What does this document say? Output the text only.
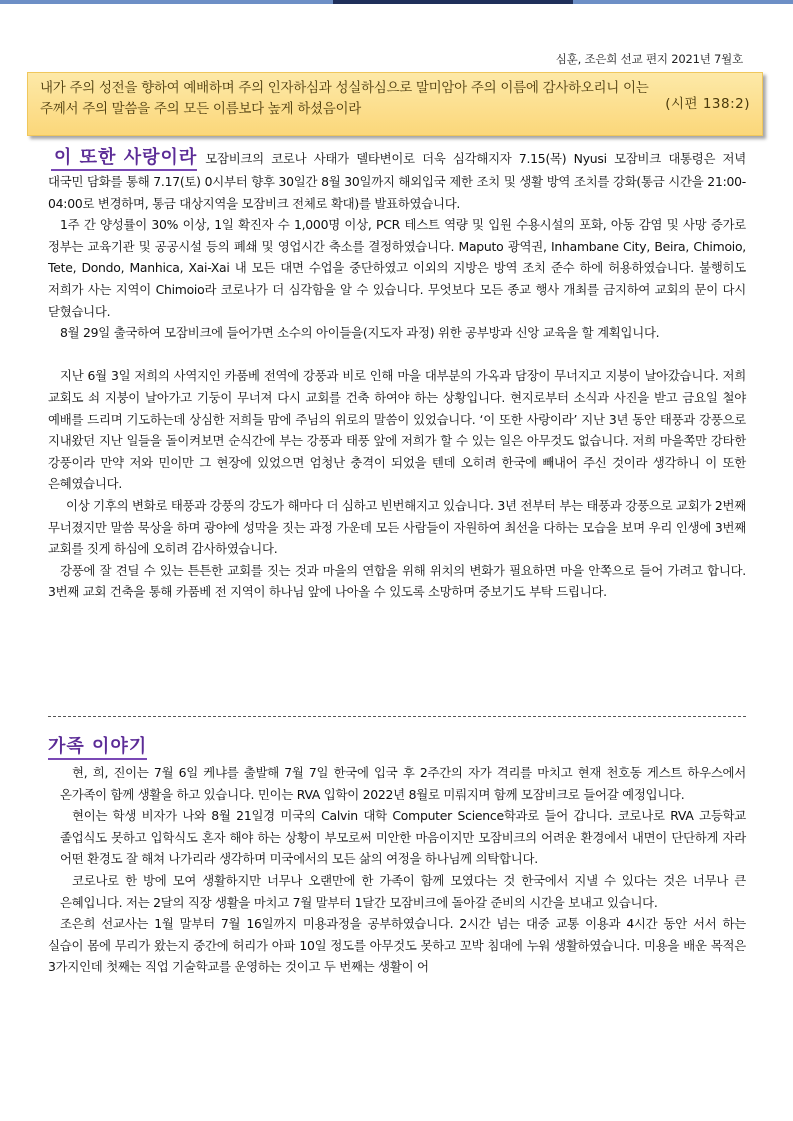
심훈, 조은희 선교 편지 2021년 7월호
내가 주의 성전을 향하여 예배하며 주의 인자하심과 성실하심으로 말미암아 주의 이름에 감사하오리니 이는 주께서 주의 말씀을 주의 모든 이름보다 높게 하셨음이라	(시편 138:2)

이 또한 사랑이라 모잠비크의 코로나 사태가 델타변이로 더욱 심각해지자 7.15(목) Nyusi 모잠비크 대통령은 저녁 대국민 담화를 통해 7.17(토) 0시부터 향후 30일간 8월 30일까지 해외입국 제한 조치 및 생활 방역 조치를 강화(통금 시간을 21:00-04:00로 변경하며, 통금 대상지역을 모잠비크 전체로 확대)를 발표하였습니다.

1주 간 양성률이 30% 이상, 1일 확진자 수 1,000명 이상, PCR 테스트 역량 및 입원 수용시설의 포화, 아동 감염 및 사망 증가로 정부는 교육기관 및 공공시설 등의 폐쇄 및 영업시간 축소를 결정하였습니다. Maputo 광역권, Inhambane City, Beira, Chimoio, Tete, Dondo, Manhica, Xai-Xai 내 모든 대면 수업을 중단하였고 이외의 지방은 방역 조치 준수 하에 허용하였습니다. 불행히도 저희가 사는 지역이 Chimoio라 코로나가 더 심각함을 알 수 있습니다. 무엇보다 모든 종교 행사 개최를 금지하여 교회의 문이 다시 닫혔습니다.

8월 29일 출국하여 모잠비크에 들어가면 소수의 아이들을(지도자 과정) 위한 공부방과 신앙 교육을 할 계획입니다.

지난 6월 3일 저희의 사역지인 카품베 전역에 강풍과 비로 인해 마을 대부분의 가옥과 담장이 무너지고 지붕이 날아갔습니다. 저희 교회도 쇠 지붕이 날아가고 기둥이 무너져 다시 교회를 건축 하여야 하는 상황입니다. 현지로부터 소식과 사진을 받고 금요일 철야 예배를 드리며 기도하는데 상심한 저희들 맘에 주님의 위로의 말씀이 있었습니다. ‘이 또한 사랑이라’ 지난 3년 동안 태풍과 강풍으로 지내왔던 지난 일들을 돌이켜보면 순식간에 부는 강풍과 태풍 앞에 저희가 할 수 있는 일은 아무것도 없습니다. 저희 마을쪽만 강타한 강풍이라 만약 저와 민이만 그 현장에 있었으면 엄청난 충격이 되었을 텐데 오히려 한국에 빼내어 주신 것이라 생각하니 이 또한 은혜였습니다.

이상 기후의 변화로 태풍과 강풍의 강도가 해마다 더 심하고 빈번해지고 있습니다. 3년 전부터 부는 태풍과 강풍으로 교회가 2번째 무너졌지만 말씀 묵상을 하며 광야에 성막을 짓는 과정 가운데 모든 사람들이 자원하여 최선을 다하는 모습을 보며 우리 인생에 3번째 교회를 짓게 하심에 오히려 감사하였습니다.

강풍에 잘 견딜 수 있는 튼튼한 교회를 짓는 것과 마을의 연합을 위해 위치의 변화가 필요하면 마을 안쪽으로 들어 가려고 합니다. 3번째 교회 건축을 통해 카품베 전 지역이 하나님 앞에 나아올 수 있도록 소망하며 중보기도 부탁 드립니다.

가족 이야기

현, 희, 진이는 7월 6일 케냐를 출발해 7월 7일 한국에 입국 후 2주간의 자가 격리를 마치고 현재 천호동 게스트 하우스에서 온가족이 함께 생활을 하고 있습니다. 민이는 RVA 입학이 2022년 8월로 미뤄지며 함께 모잠비크로 들어갈 예정입니다.

현이는 학생 비자가 나와 8월 21일경 미국의 Calvin 대학 Computer Science학과로 들어 갑니다. 코로나로 RVA 고등학교 졸업식도 못하고 입학식도 혼자 해야 하는 상황이 부모로써 미안한 마음이지만 모잠비크의 어려운 환경에서 내면이 단단하게 자라 어떤 환경도 잘 해쳐 나가리라 생각하며 미국에서의 모든 삶의 여정을 하나님께 의탁합니다.

코로나로 한 방에 모여 생활하지만 너무나 오랜만에 한 가족이 함께 모였다는 것 한국에서 지낼 수 있다는 것은 너무나 큰 은혜입니다. 저는 2달의 직장 생활을 마치고 7월 말부터 1달간 모잠비크에 돌아갈 준비의 시간을 보내고 있습니다.

조은희 선교사는 1월 말부터 7월 16일까지 미용과정을 공부하였습니다. 2시간 넘는 대중 교통 이용과 4시간 동안 서서 하는 실습이 몸에 무리가 왔는지 중간에 허리가 아파 10일 정도를 아무것도 못하고 꼬박 침대에 누워 생활하였습니다. 미용을 배운 목적은 3가지인데 첫째는 직업 기술학교를 운영하는 것이고 두 번째는 생활이 어
